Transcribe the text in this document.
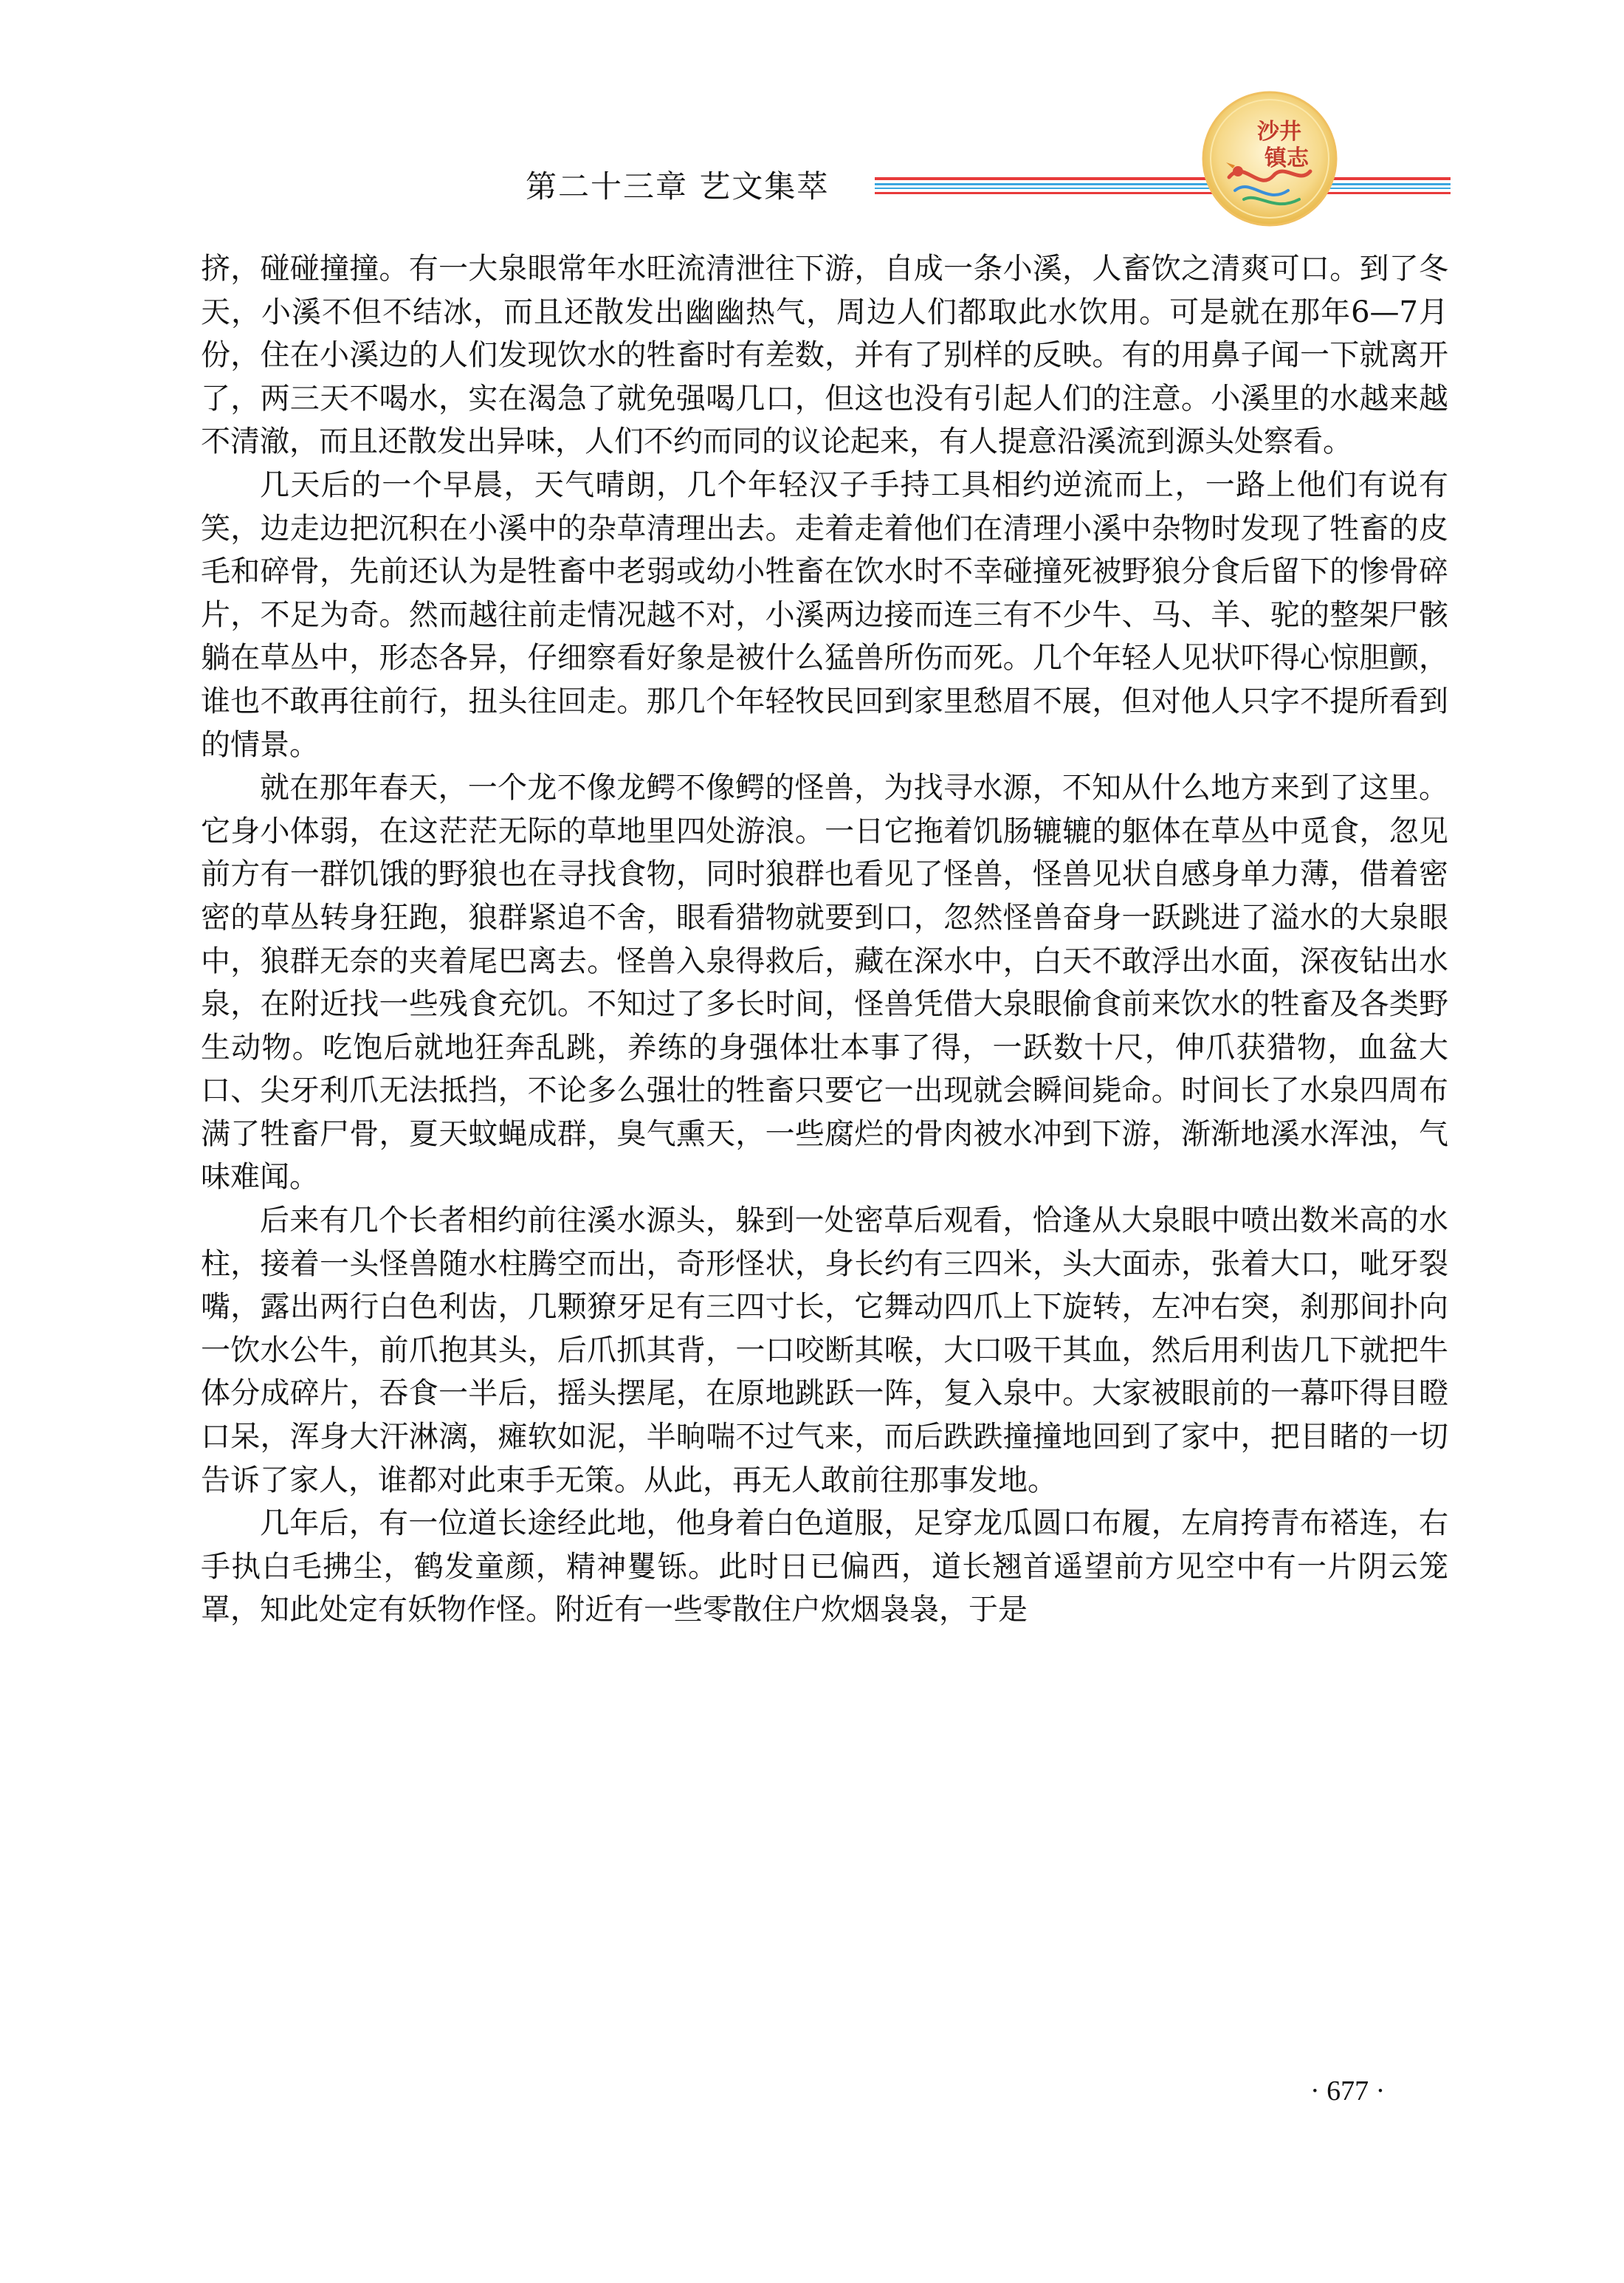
第二十三章 艺文集萃
沙井
镇志

挤，碰碰撞撞。有一大泉眼常年水旺流清泄往下游，自成一条小溪，人畜饮之清爽可口。到了冬天，小溪不但不结冰，而且还散发出幽幽热气，周边人们都取此水饮用。可是就在那年6—7月份，住在小溪边的人们发现饮水的牲畜时有差数，并有了别样的反映。有的用鼻子闻一下就离开了，两三天不喝水，实在渴急了就免强喝几口，但这也没有引起人们的注意。小溪里的水越来越不清澈，而且还散发出异味，人们不约而同的议论起来，有人提意沿溪流到源头处察看。

几天后的一个早晨，天气晴朗，几个年轻汉子手持工具相约逆流而上，一路上他们有说有笑，边走边把沉积在小溪中的杂草清理出去。走着走着他们在清理小溪中杂物时发现了牲畜的皮毛和碎骨，先前还认为是牲畜中老弱或幼小牲畜在饮水时不幸碰撞死被野狼分食后留下的惨骨碎片，不足为奇。然而越往前走情况越不对，小溪两边接而连三有不少牛、马、羊、驼的整架尸骸躺在草丛中，形态各异，仔细察看好象是被什么猛兽所伤而死。几个年轻人见状吓得心惊胆颤，谁也不敢再往前行，扭头往回走。那几个年轻牧民回到家里愁眉不展，但对他人只字不提所看到的情景。

就在那年春天，一个龙不像龙鳄不像鳄的怪兽，为找寻水源，不知从什么地方来到了这里。它身小体弱，在这茫茫无际的草地里四处游浪。一日它拖着饥肠辘辘的躯体在草丛中觅食，忽见前方有一群饥饿的野狼也在寻找食物，同时狼群也看见了怪兽，怪兽见状自感身单力薄，借着密密的草丛转身狂跑，狼群紧追不舍，眼看猎物就要到口，忽然怪兽奋身一跃跳进了溢水的大泉眼中，狼群无奈的夹着尾巴离去。怪兽入泉得救后，藏在深水中，白天不敢浮出水面，深夜钻出水泉，在附近找一些残食充饥。不知过了多长时间，怪兽凭借大泉眼偷食前来饮水的牲畜及各类野生动物。吃饱后就地狂奔乱跳，养练的身强体壮本事了得，一跃数十尺，伸爪获猎物，血盆大口、尖牙利爪无法抵挡，不论多么强壮的牲畜只要它一出现就会瞬间毙命。时间长了水泉四周布满了牲畜尸骨，夏天蚊蝇成群，臭气熏天，一些腐烂的骨肉被水冲到下游，渐渐地溪水浑浊，气味难闻。

后来有几个长者相约前往溪水源头，躲到一处密草后观看，恰逢从大泉眼中喷出数米高的水柱，接着一头怪兽随水柱腾空而出，奇形怪状，身长约有三四米，头大面赤，张着大口，呲牙裂嘴，露出两行白色利齿，几颗獠牙足有三四寸长，它舞动四爪上下旋转，左冲右突，刹那间扑向一饮水公牛，前爪抱其头，后爪抓其背，一口咬断其喉，大口吸干其血，然后用利齿几下就把牛体分成碎片，吞食一半后，摇头摆尾，在原地跳跃一阵，复入泉中。大家被眼前的一幕吓得目瞪口呆，浑身大汗淋漓，瘫软如泥，半晌喘不过气来，而后跌跌撞撞地回到了家中，把目睹的一切告诉了家人，谁都对此束手无策。从此，再无人敢前往那事发地。

几年后，有一位道长途经此地，他身着白色道服，足穿龙瓜圆口布履，左肩挎青布褡连，右手执白毛拂尘，鹤发童颜，精神矍铄。此时日已偏西，道长翘首遥望前方见空中有一片阴云笼罩，知此处定有妖物作怪。附近有一些零散住户炊烟袅袅，于是

· 677 ·
